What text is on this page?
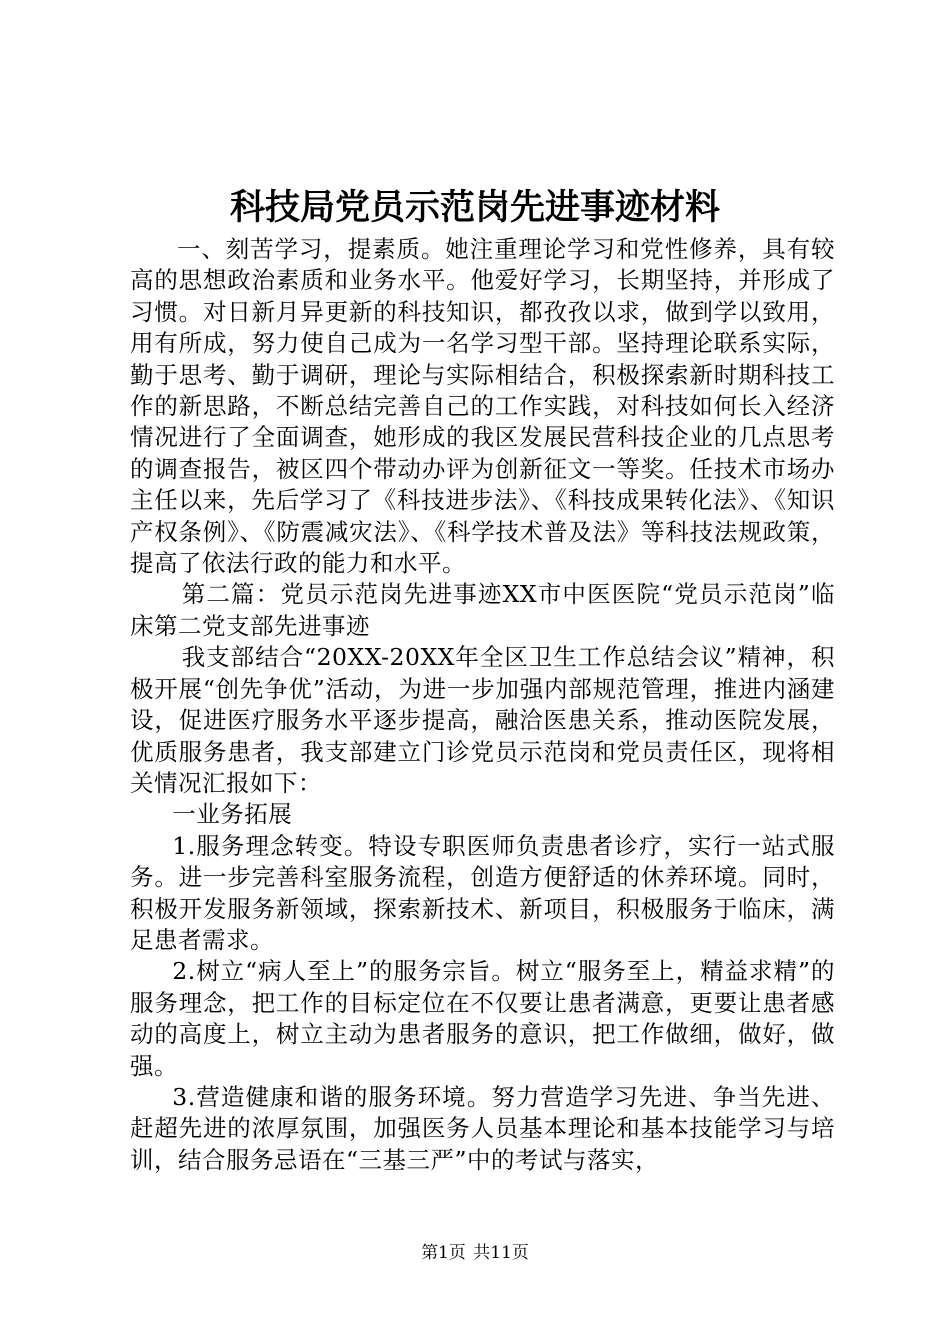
科技局党员示范岗先进事迹材料

一、刻苦学习，提素质。她注重理论学习和党性修养，具有较高的思想政治素质和业务水平。他爱好学习，长期坚持，并形成了习惯。对日新月异更新的科技知识，都孜孜以求，做到学以致用，用有所成，努力使自己成为一名学习型干部。坚持理论联系实际，勤于思考、勤于调研，理论与实际相结合，积极探索新时期科技工作的新思路，不断总结完善自己的工作实践，对科技如何长入经济情况进行了全面调查，她形成的我区发展民营科技企业的几点思考的调查报告，被区四个带动办评为创新征文一等奖。任技术市场办主任以来，先后学习了《科技进步法》、《科技成果转化法》、《知识产权条例》、《防震减灾法》、《科学技术普及法》等科技法规政策，提高了依法行政的能力和水平。

第二篇：党员示范岗先进事迹XX市中医医院“党员示范岗”临床第二党支部先进事迹

我支部结合“20XX-20XX年全区卫生工作总结会议”精神，积极开展“创先争优”活动，为进一步加强内部规范管理，推进内涵建设，促进医疗服务水平逐步提高，融洽医患关系，推动医院发展，优质服务患者，我支部建立门诊党员示范岗和党员责任区，现将相关情况汇报如下：

一业务拓展

1.服务理念转变。特设专职医师负责患者诊疗，实行一站式服务。进一步完善科室服务流程，创造方便舒适的休养环境。同时，积极开发服务新领域，探索新技术、新项目，积极服务于临床，满足患者需求。

2.树立“病人至上”的服务宗旨。树立“服务至上，精益求精”的服务理念，把工作的目标定位在不仅要让患者满意，更要让患者感动的高度上，树立主动为患者服务的意识，把工作做细，做好，做强。

3.营造健康和谐的服务环境。努力营造学习先进、争当先进、赶超先进的浓厚氛围，加强医务人员基本理论和基本技能学习与培训，结合服务忌语在“三基三严”中的考试与落实，

第1页 共11页
